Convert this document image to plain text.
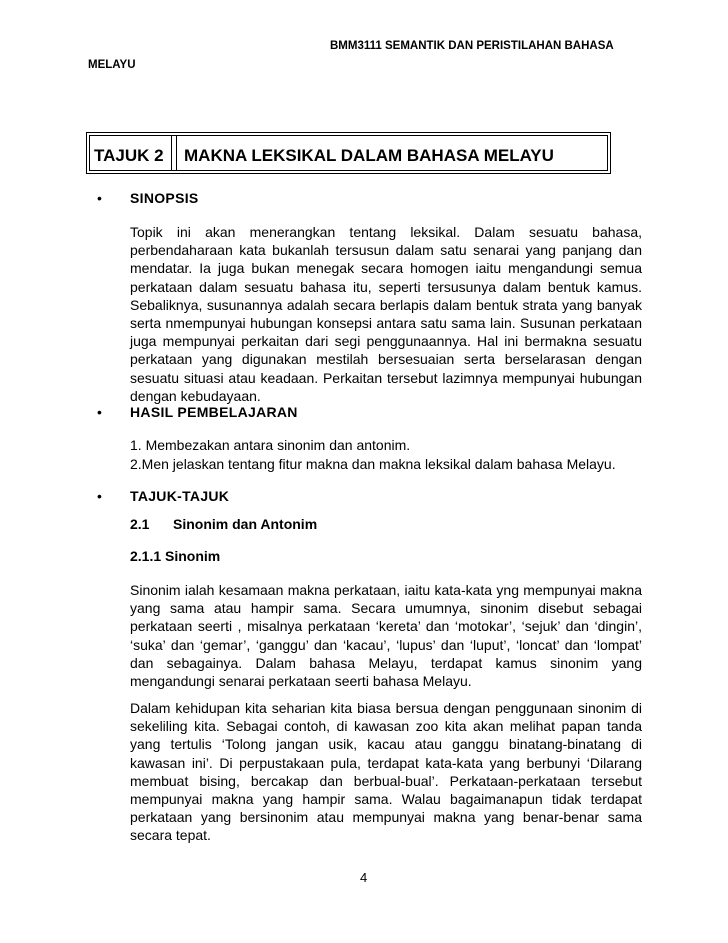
BMM3111 SEMANTIK DAN PERISTILAHAN BAHASA
MELAYU
TAJUK 2 MAKNA LEKSIKAL DALAM BAHASA MELAYU
• SINOPSIS
Topik ini akan menerangkan tentang leksikal. Dalam sesuatu bahasa, perbendaharaan kata bukanlah tersusun dalam satu senarai yang panjang dan mendatar. Ia juga bukan menegak secara homogen iaitu mengandungi semua perkataan dalam sesuatu bahasa itu, seperti tersusunya dalam bentuk kamus. Sebaliknya, susunannya adalah secara berlapis dalam bentuk strata yang banyak serta nmempunyai hubungan konsepsi antara satu sama lain. Susunan perkataan juga mempunyai perkaitan dari segi penggunaannya. Hal ini bermakna sesuatu perkataan yang digunakan mestilah bersesuaian serta berselarasan dengan sesuatu situasi atau keadaan. Perkaitan tersebut lazimnya mempunyai hubungan dengan kebudayaan.
• HASIL PEMBELAJARAN
1. Membezakan antara sinonim dan antonim.
2.Men jelaskan tentang fitur makna dan makna leksikal dalam bahasa Melayu.
• TAJUK-TAJUK
2.1 Sinonim dan Antonim
2.1.1 Sinonim
Sinonim ialah kesamaan makna perkataan, iaitu kata-kata yng mempunyai makna yang sama atau hampir sama. Secara umumnya, sinonim disebut sebagai perkataan seerti , misalnya perkataan ‘kereta’ dan ‘motokar’, ‘sejuk’ dan ‘dingin’, ‘suka’ dan ‘gemar’, ‘ganggu’ dan ‘kacau’, ‘lupus’ dan ‘luput’, ‘loncat’ dan ‘lompat’ dan sebagainya. Dalam bahasa Melayu, terdapat kamus sinonim yang mengandungi senarai perkataan seerti bahasa Melayu.
Dalam kehidupan kita seharian kita biasa bersua dengan penggunaan sinonim di sekeliling kita. Sebagai contoh, di kawasan zoo kita akan melihat papan tanda yang tertulis ‘Tolong jangan usik, kacau atau ganggu binatang-binatang di kawasan ini’. Di perpustakaan pula, terdapat kata-kata yang berbunyi ‘Dilarang membuat bising, bercakap dan berbual-bual’. Perkataan-perkataan tersebut mempunyai makna yang hampir sama. Walau bagaimanapun tidak terdapat perkataan yang bersinonim atau mempunyai makna yang benar-benar sama secara tepat.
4
